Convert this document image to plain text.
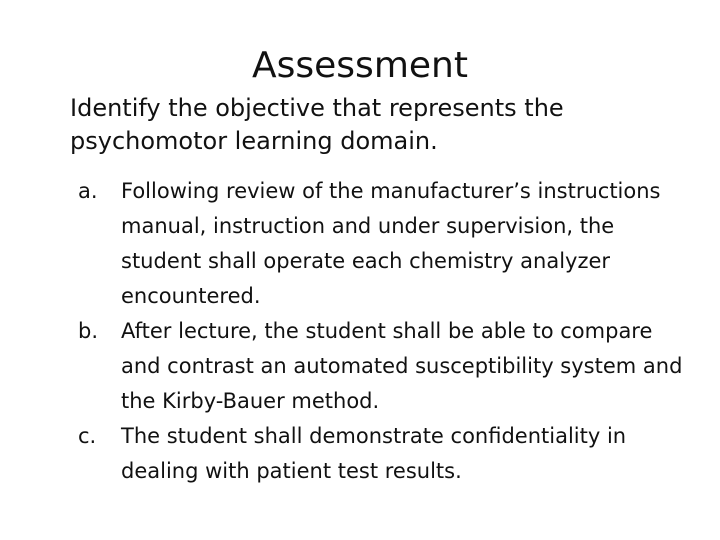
Assessment

Identify the objective that represents the psychomotor learning domain.

a. Following review of the manufacturer’s instructions manual, instruction and under supervision, the student shall operate each chemistry analyzer encountered.
b. After lecture, the student shall be able to compare and contrast an automated susceptibility system and the Kirby-Bauer method.
c. The student shall demonstrate confidentiality in dealing with patient test results.
